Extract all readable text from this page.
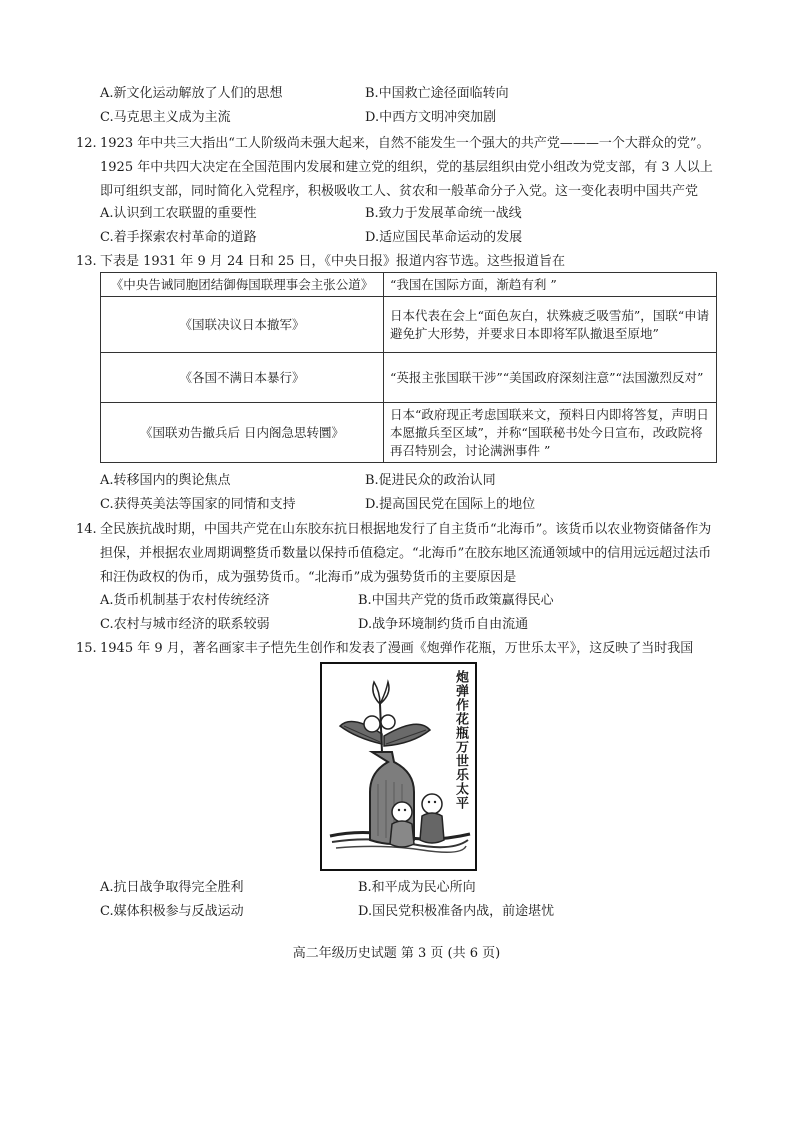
A.新文化运动解放了人们的思想	B.中国救亡途径面临转向
C.马克思主义成为主流	D.中西方文明冲突加剧
12. 1923 年中共三大指出“工人阶级尚未强大起来，自然不能发生一个强大的共产党———一个大群众的党”。1925 年中共四大决定在全国范围内发展和建立党的组织，党的基层组织由党小组改为党支部，有 3 人以上即可组织支部，同时简化入党程序，积极吸收工人、贫农和一般革命分子入党。这一变化表明中国共产党
A.认识到工农联盟的重要性	B.致力于发展革命统一战线
C.着手探索农村革命的道路	D.适应国民革命运动的发展
13. 下表是 1931 年 9 月 24 日和 25 日，《中央日报》报道内容节选。这些报道旨在
《中央告诫同胞团结御侮国联理事会主张公道》	“我国在国际方面，渐趋有利 ”
《国联决议日本撤军》	日本代表在会上“面色灰白，状殊疲乏吸雪茄”，国联“申请避免扩大形势，并要求日本即将军队撤退至原地”
《各国不满日本暴行》	“英报主张国联干涉”“美国政府深刻注意”“法国激烈反对”
《国联劝告撤兵后 日内阁急思转圜》	日本“政府现正考虑国联来文，预料日内即将答复，声明日本愿撤兵至区域”，并称“国联秘书处今日宣布，改政院将再召特别会，讨论满洲事件 ”
A.转移国内的舆论焦点	B.促进民众的政治认同
C.获得英美法等国家的同情和支持	D.提高国民党在国际上的地位
14. 全民族抗战时期，中国共产党在山东胶东抗日根据地发行了自主货币“北海币”。该货币以农业物资储备作为担保，并根据农业周期调整货币数量以保持币值稳定。“北海币”在胶东地区流通领域中的信用远远超过法币和汪伪政权的伪币，成为强势货币。“北海币”成为强势货币的主要原因是
A.货币机制基于农村传统经济	B.中国共产党的货币政策赢得民心
C.农村与城市经济的联系较弱	D.战争环境制约货币自由流通
15. 1945 年 9 月，著名画家丰子恺先生创作和发表了漫画《炮弹作花瓶，万世乐太平》，这反映了当时我国
炮弹作花瓶万世乐太平
A.抗日战争取得完全胜利	B.和平成为民心所向
C.媒体积极参与反战运动	D.国民党积极准备内战，前途堪忧
高二年级历史试题 第 3 页 (共 6 页)
